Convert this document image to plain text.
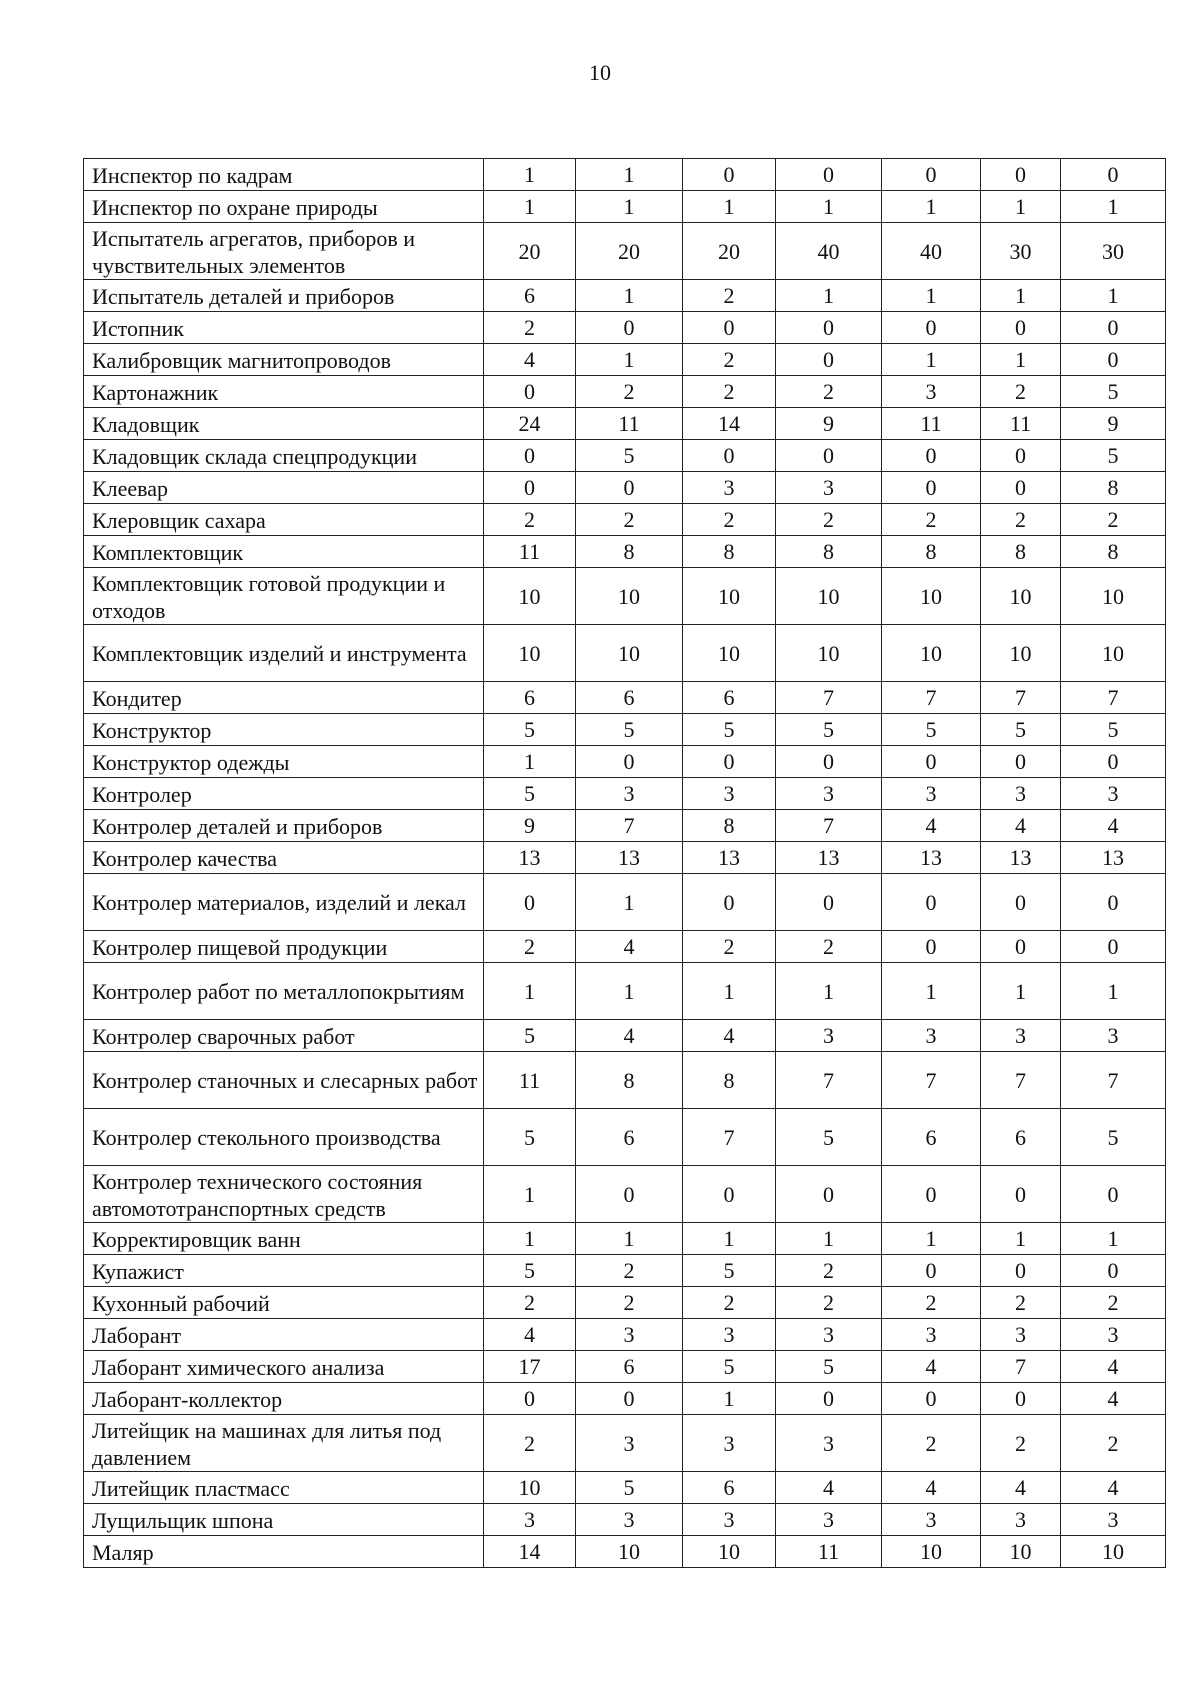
10
Инспектор по кадрам	1	1	0	0	0	0	0
Инспектор по охране природы	1	1	1	1	1	1	1
Испытатель агрегатов, приборов и чувствительных элементов	20	20	20	40	40	30	30
Испытатель деталей и приборов	6	1	2	1	1	1	1
Истопник	2	0	0	0	0	0	0
Калибровщик магнитопроводов	4	1	2	0	1	1	0
Картонажник	0	2	2	2	3	2	5
Кладовщик	24	11	14	9	11	11	9
Кладовщик склада спецпродукции	0	5	0	0	0	0	5
Клеевар	0	0	3	3	0	0	8
Клеровщик сахара	2	2	2	2	2	2	2
Комплектовщик	11	8	8	8	8	8	8
Комплектовщик готовой продукции и отходов	10	10	10	10	10	10	10
Комплектовщик изделий и инструмента	10	10	10	10	10	10	10
Кондитер	6	6	6	7	7	7	7
Конструктор	5	5	5	5	5	5	5
Конструктор одежды	1	0	0	0	0	0	0
Контролер	5	3	3	3	3	3	3
Контролер деталей и приборов	9	7	8	7	4	4	4
Контролер качества	13	13	13	13	13	13	13
Контролер материалов, изделий и лекал	0	1	0	0	0	0	0
Контролер пищевой продукции	2	4	2	2	0	0	0
Контролер работ по металлопокрытиям	1	1	1	1	1	1	1
Контролер сварочных работ	5	4	4	3	3	3	3
Контролер станочных и слесарных работ	11	8	8	7	7	7	7
Контролер стекольного производства	5	6	7	5	6	6	5
Контролер технического состояния автомототранспортных средств	1	0	0	0	0	0	0
Корректировщик ванн	1	1	1	1	1	1	1
Купажист	5	2	5	2	0	0	0
Кухонный рабочий	2	2	2	2	2	2	2
Лаборант	4	3	3	3	3	3	3
Лаборант химического анализа	17	6	5	5	4	7	4
Лаборант-коллектор	0	0	1	0	0	0	4
Литейщик на машинах для литья под давлением	2	3	3	3	2	2	2
Литейщик пластмасс	10	5	6	4	4	4	4
Лущильщик шпона	3	3	3	3	3	3	3
Маляр	14	10	10	11	10	10	10
